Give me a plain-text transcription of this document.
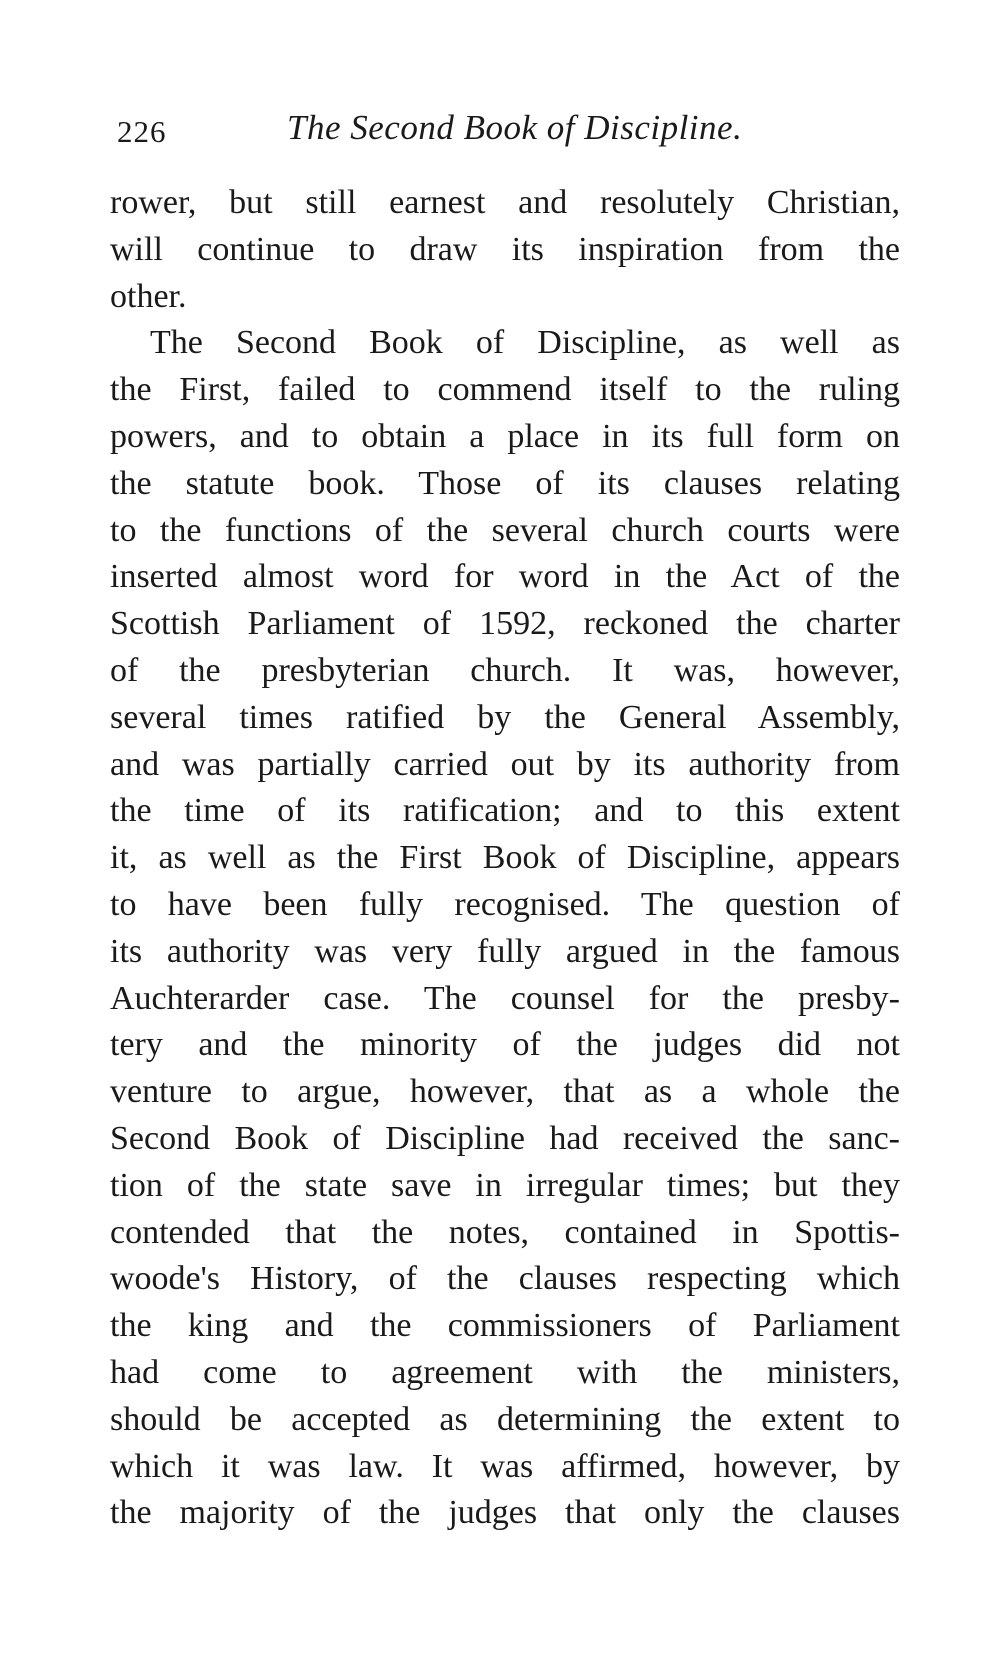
226	The Second Book of Discipline.
rower, but still earnest and resolutely Christian,
will continue to draw its inspiration from the
other.
The Second Book of Discipline, as well as
the First, failed to commend itself to the ruling
powers, and to obtain a place in its full form on
the statute book. Those of its clauses relating
to the functions of the several church courts were
inserted almost word for word in the Act of the
Scottish Parliament of 1592, reckoned the charter
of the presbyterian church. It was, however,
several times ratified by the General Assembly,
and was partially carried out by its authority from
the time of its ratification; and to this extent
it, as well as the First Book of Discipline, appears
to have been fully recognised. The question of
its authority was very fully argued in the famous
Auchterarder case. The counsel for the presby-
tery and the minority of the judges did not
venture to argue, however, that as a whole the
Second Book of Discipline had received the sanc-
tion of the state save in irregular times; but they
contended that the notes, contained in Spottis-
woode's History, of the clauses respecting which
the king and the commissioners of Parliament
had come to agreement with the ministers,
should be accepted as determining the extent to
which it was law. It was affirmed, however, by
the majority of the judges that only the clauses
